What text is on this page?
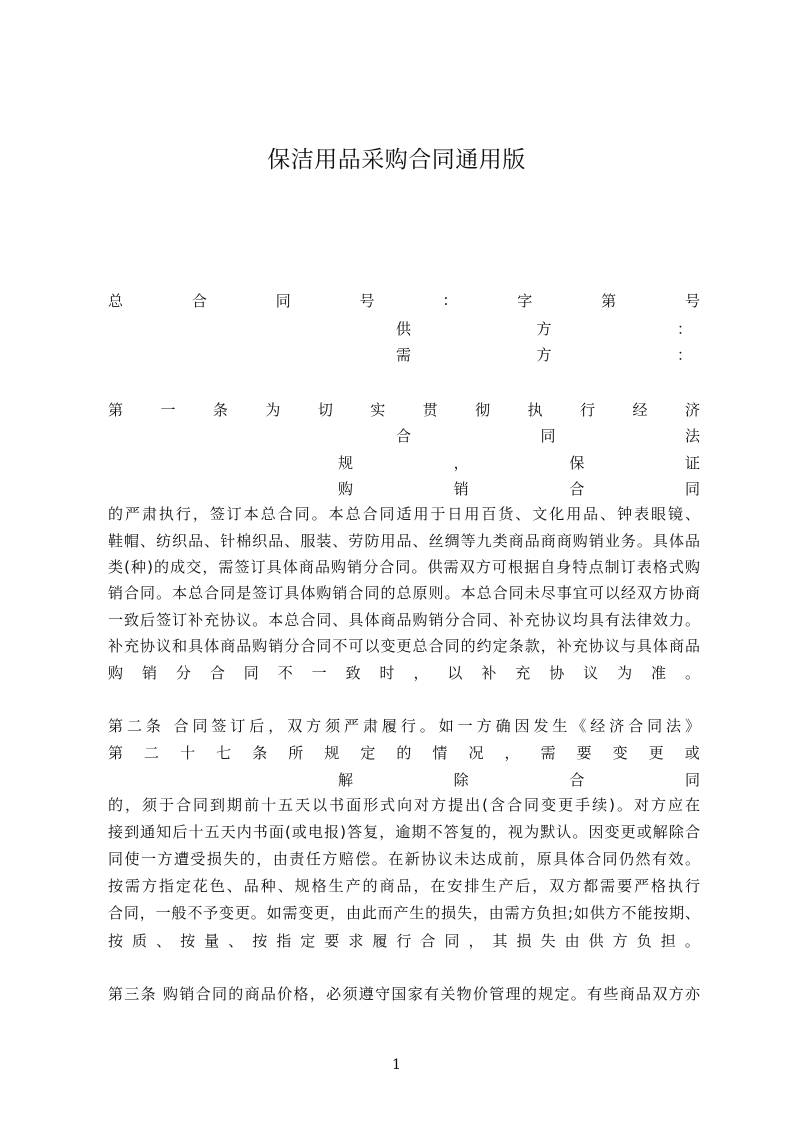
保洁用品采购合同通用版
总	合	同	号	:	字	第	号
供	方	：
需	方	：
第 一 条 为 切 实 贯 彻 执 行 经 济
合	同	法
规	，	保	证
购	销	合	同
的严肃执行，签订本总合同。本总合同适用于日用百货、文化用品、钟表眼镜、
鞋帽、纺织品、针棉织品、服装、劳防用品、丝绸等九类商品商商购销业务。具体品
类(种)的成交，需签订具体商品购销分合同。供需双方可根据自身特点制订表格式购
销合同。本总合同是签订具体购销合同的总原则。本总合同未尽事宜可以经双方协商
一致后签订补充协议。本总合同、具体商品购销分合同、补充协议均具有法律效力。
补充协议和具体商品购销分合同不可以变更总合同的约定条款，补充协议与具体商品
购 销 分 合 同 不 一 致 时 ， 以 补 充 协 议 为 准 。
第二条 合同签订后，双方须严肃履行。如一方确因发生《经济合同法》
第 二 十 七 条 所 规 定 的 情 况 ， 需 要 变 更 或
解	除	合	同
的，须于合同到期前十五天以书面形式向对方提出(含合同变更手续)。对方应在
接到通知后十五天内书面(或电报)答复，逾期不答复的，视为默认。因变更或解除合
同使一方遭受损失的，由责任方赔偿。在新协议未达成前，原具体合同仍然有效。
按需方指定花色、品种、规格生产的商品，在安排生产后，双方都需要严格执行
合同，一般不予变更。如需变更，由此而产生的损失，由需方负担;如供方不能按期、
按 质 、 按 量 、 按 指 定 要 求 履 行 合 同 ， 其 损 失 由 供 方 负 担 。
第三条 购销合同的商品价格，必须遵守国家有关物价管理的规定。有些商品双方亦
1
